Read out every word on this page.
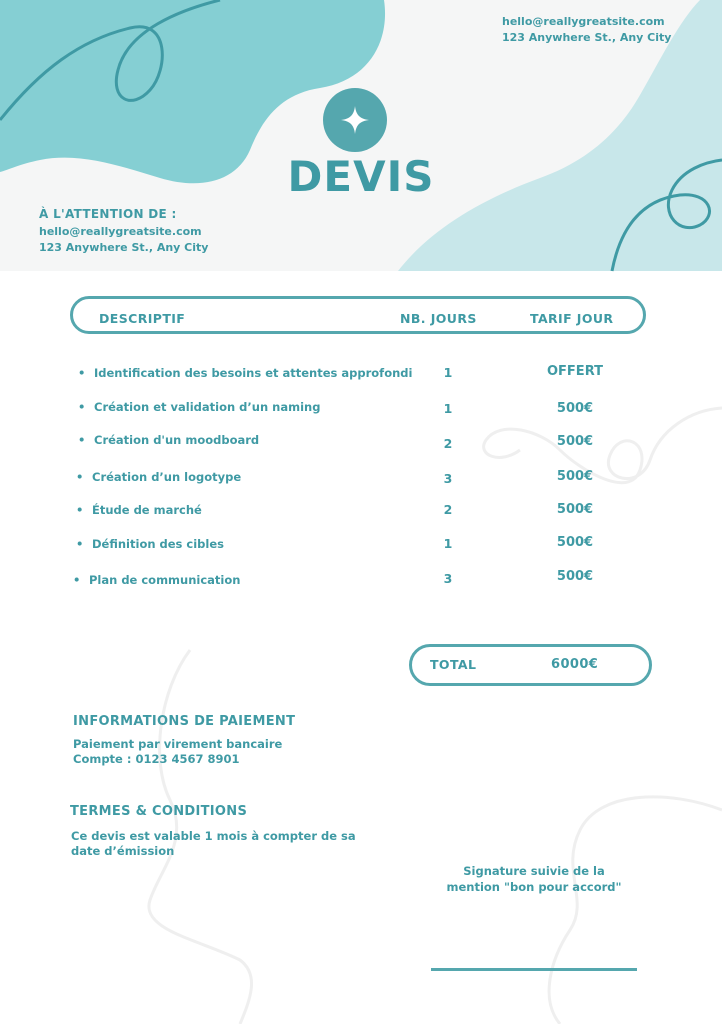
hello@reallygreatsite.com
123 Anywhere St., Any City
DEVIS
À L'ATTENTION DE :
hello@reallygreatsite.com
123 Anywhere St., Any City
DESCRIPTIF	NB. JOURS	TARIF JOUR
• Identification des besoins et attentes approfondi	1	OFFERT
• Création et validation d’un naming	1	500€
• Création d'un moodboard	2	500€
• Création d’un logotype	3	500€
• Étude de marché	2	500€
• Définition des cibles	1	500€
• Plan de communication	3	500€
TOTAL	6000€
INFORMATIONS DE PAIEMENT
Paiement par virement bancaire
Compte : 0123 4567 8901
TERMES & CONDITIONS
Ce devis est valable 1 mois à compter de sa date d’émission
Signature suivie de la
mention "bon pour accord"
